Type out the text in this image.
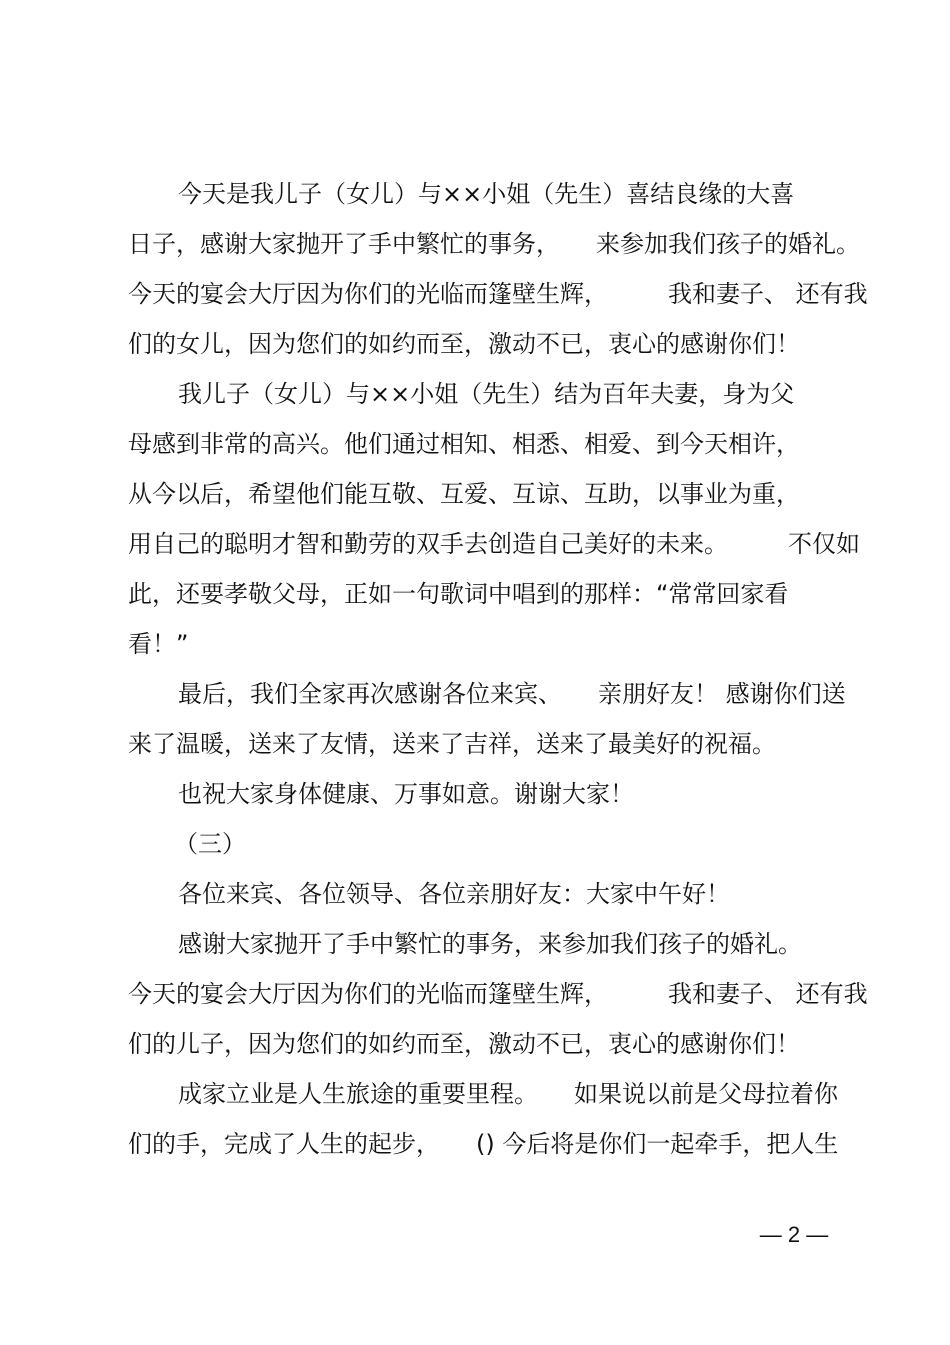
今天是我儿子（女儿）与××小姐（先生）喜结良缘的大喜
日子，感谢大家抛开了手中繁忙的事务，　　来参加我们孩子的婚礼。
今天的宴会大厅因为你们的光临而篷壁生辉，　　　我和妻子、 还有我
们的女儿，因为您们的如约而至，激动不已，衷心的感谢你们！
我儿子（女儿）与××小姐（先生）结为百年夫妻，身为父
母感到非常的高兴。他们通过相知、相悉、相爱、到今天相许，
从今以后，希望他们能互敬、互爱、互谅、互助，以事业为重，
用自己的聪明才智和勤劳的双手去创造自己美好的未来。　　　不仅如
此，还要孝敬父母，正如一句歌词中唱到的那样：“常常回家看
看！”
最后，我们全家再次感谢各位来宾、　　亲朋好友！ 感谢你们送
来了温暖，送来了友情，送来了吉祥，送来了最美好的祝福。
也祝大家身体健康、万事如意。谢谢大家！
（三）
各位来宾、各位领导、各位亲朋好友：大家中午好！
感谢大家抛开了手中繁忙的事务，来参加我们孩子的婚礼。
今天的宴会大厅因为你们的光临而篷壁生辉，　　　我和妻子、 还有我
们的儿子，因为您们的如约而至，激动不已，衷心的感谢你们！
成家立业是人生旅途的重要里程。　　如果说以前是父母拉着你
们的手，完成了人生的起步，　　() 今后将是你们一起牵手，把人生
— 2 —
